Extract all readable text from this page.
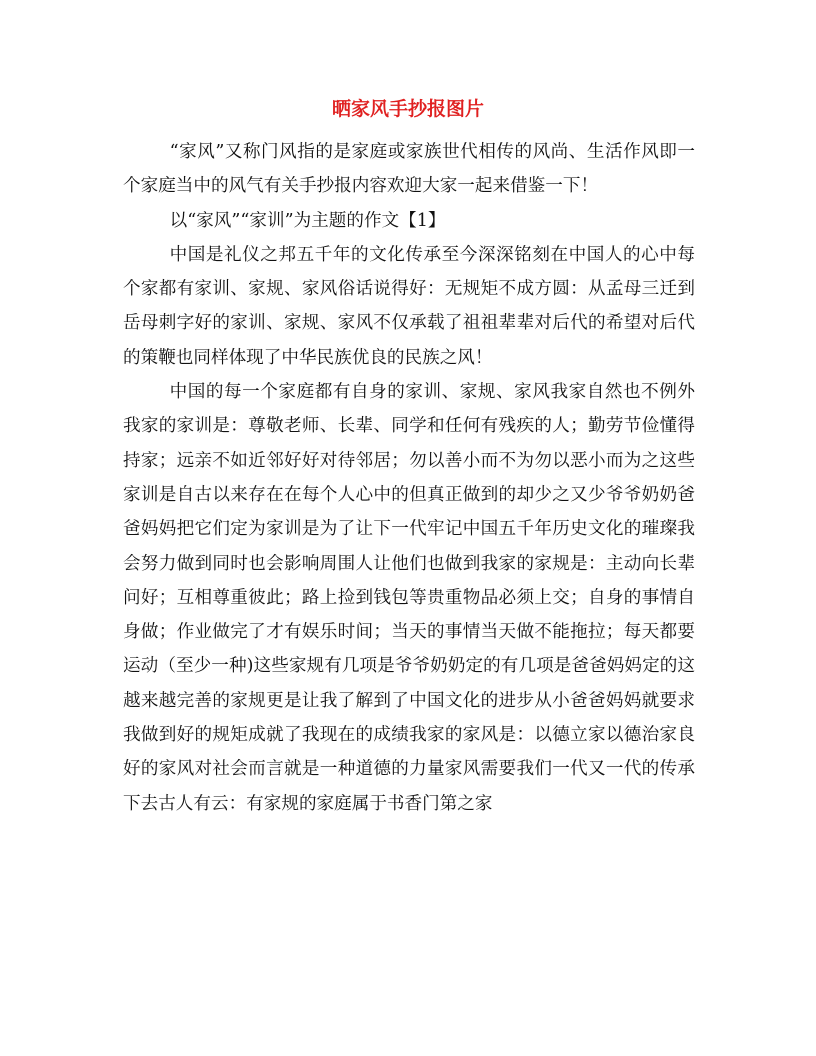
晒家风手抄报图片

“家风”又称门风指的是家庭或家族世代相传的风尚、生活作风即一个家庭当中的风气有关手抄报内容欢迎大家一起来借鉴一下！

以“家风”“家训”为主题的作文【1】

中国是礼仪之邦五千年的文化传承至今深深铭刻在中国人的心中每个家都有家训、家规、家风俗话说得好：无规矩不成方圆：从孟母三迁到岳母刺字好的家训、家规、家风不仅承载了祖祖辈辈对后代的希望对后代的策鞭也同样体现了中华民族优良的民族之风！

中国的每一个家庭都有自身的家训、家规、家风我家自然也不例外我家的家训是：尊敬老师、长辈、同学和任何有残疾的人；勤劳节俭懂得持家；远亲不如近邻好好对待邻居；勿以善小而不为勿以恶小而为之这些家训是自古以来存在在每个人心中的但真正做到的却少之又少爷爷奶奶爸爸妈妈把它们定为家训是为了让下一代牢记中国五千年历史文化的璀璨我会努力做到同时也会影响周围人让他们也做到我家的家规是：主动向长辈问好；互相尊重彼此；路上捡到钱包等贵重物品必须上交；自身的事情自身做；作业做完了才有娱乐时间；当天的事情当天做不能拖拉；每天都要运动（至少一种)这些家规有几项是爷爷奶奶定的有几项是爸爸妈妈定的这越来越完善的家规更是让我了解到了中国文化的进步从小爸爸妈妈就要求我做到好的规矩成就了我现在的成绩我家的家风是：以德立家以德治家良好的家风对社会而言就是一种道德的力量家风需要我们一代又一代的传承下去古人有云：有家规的家庭属于书香门第之家
